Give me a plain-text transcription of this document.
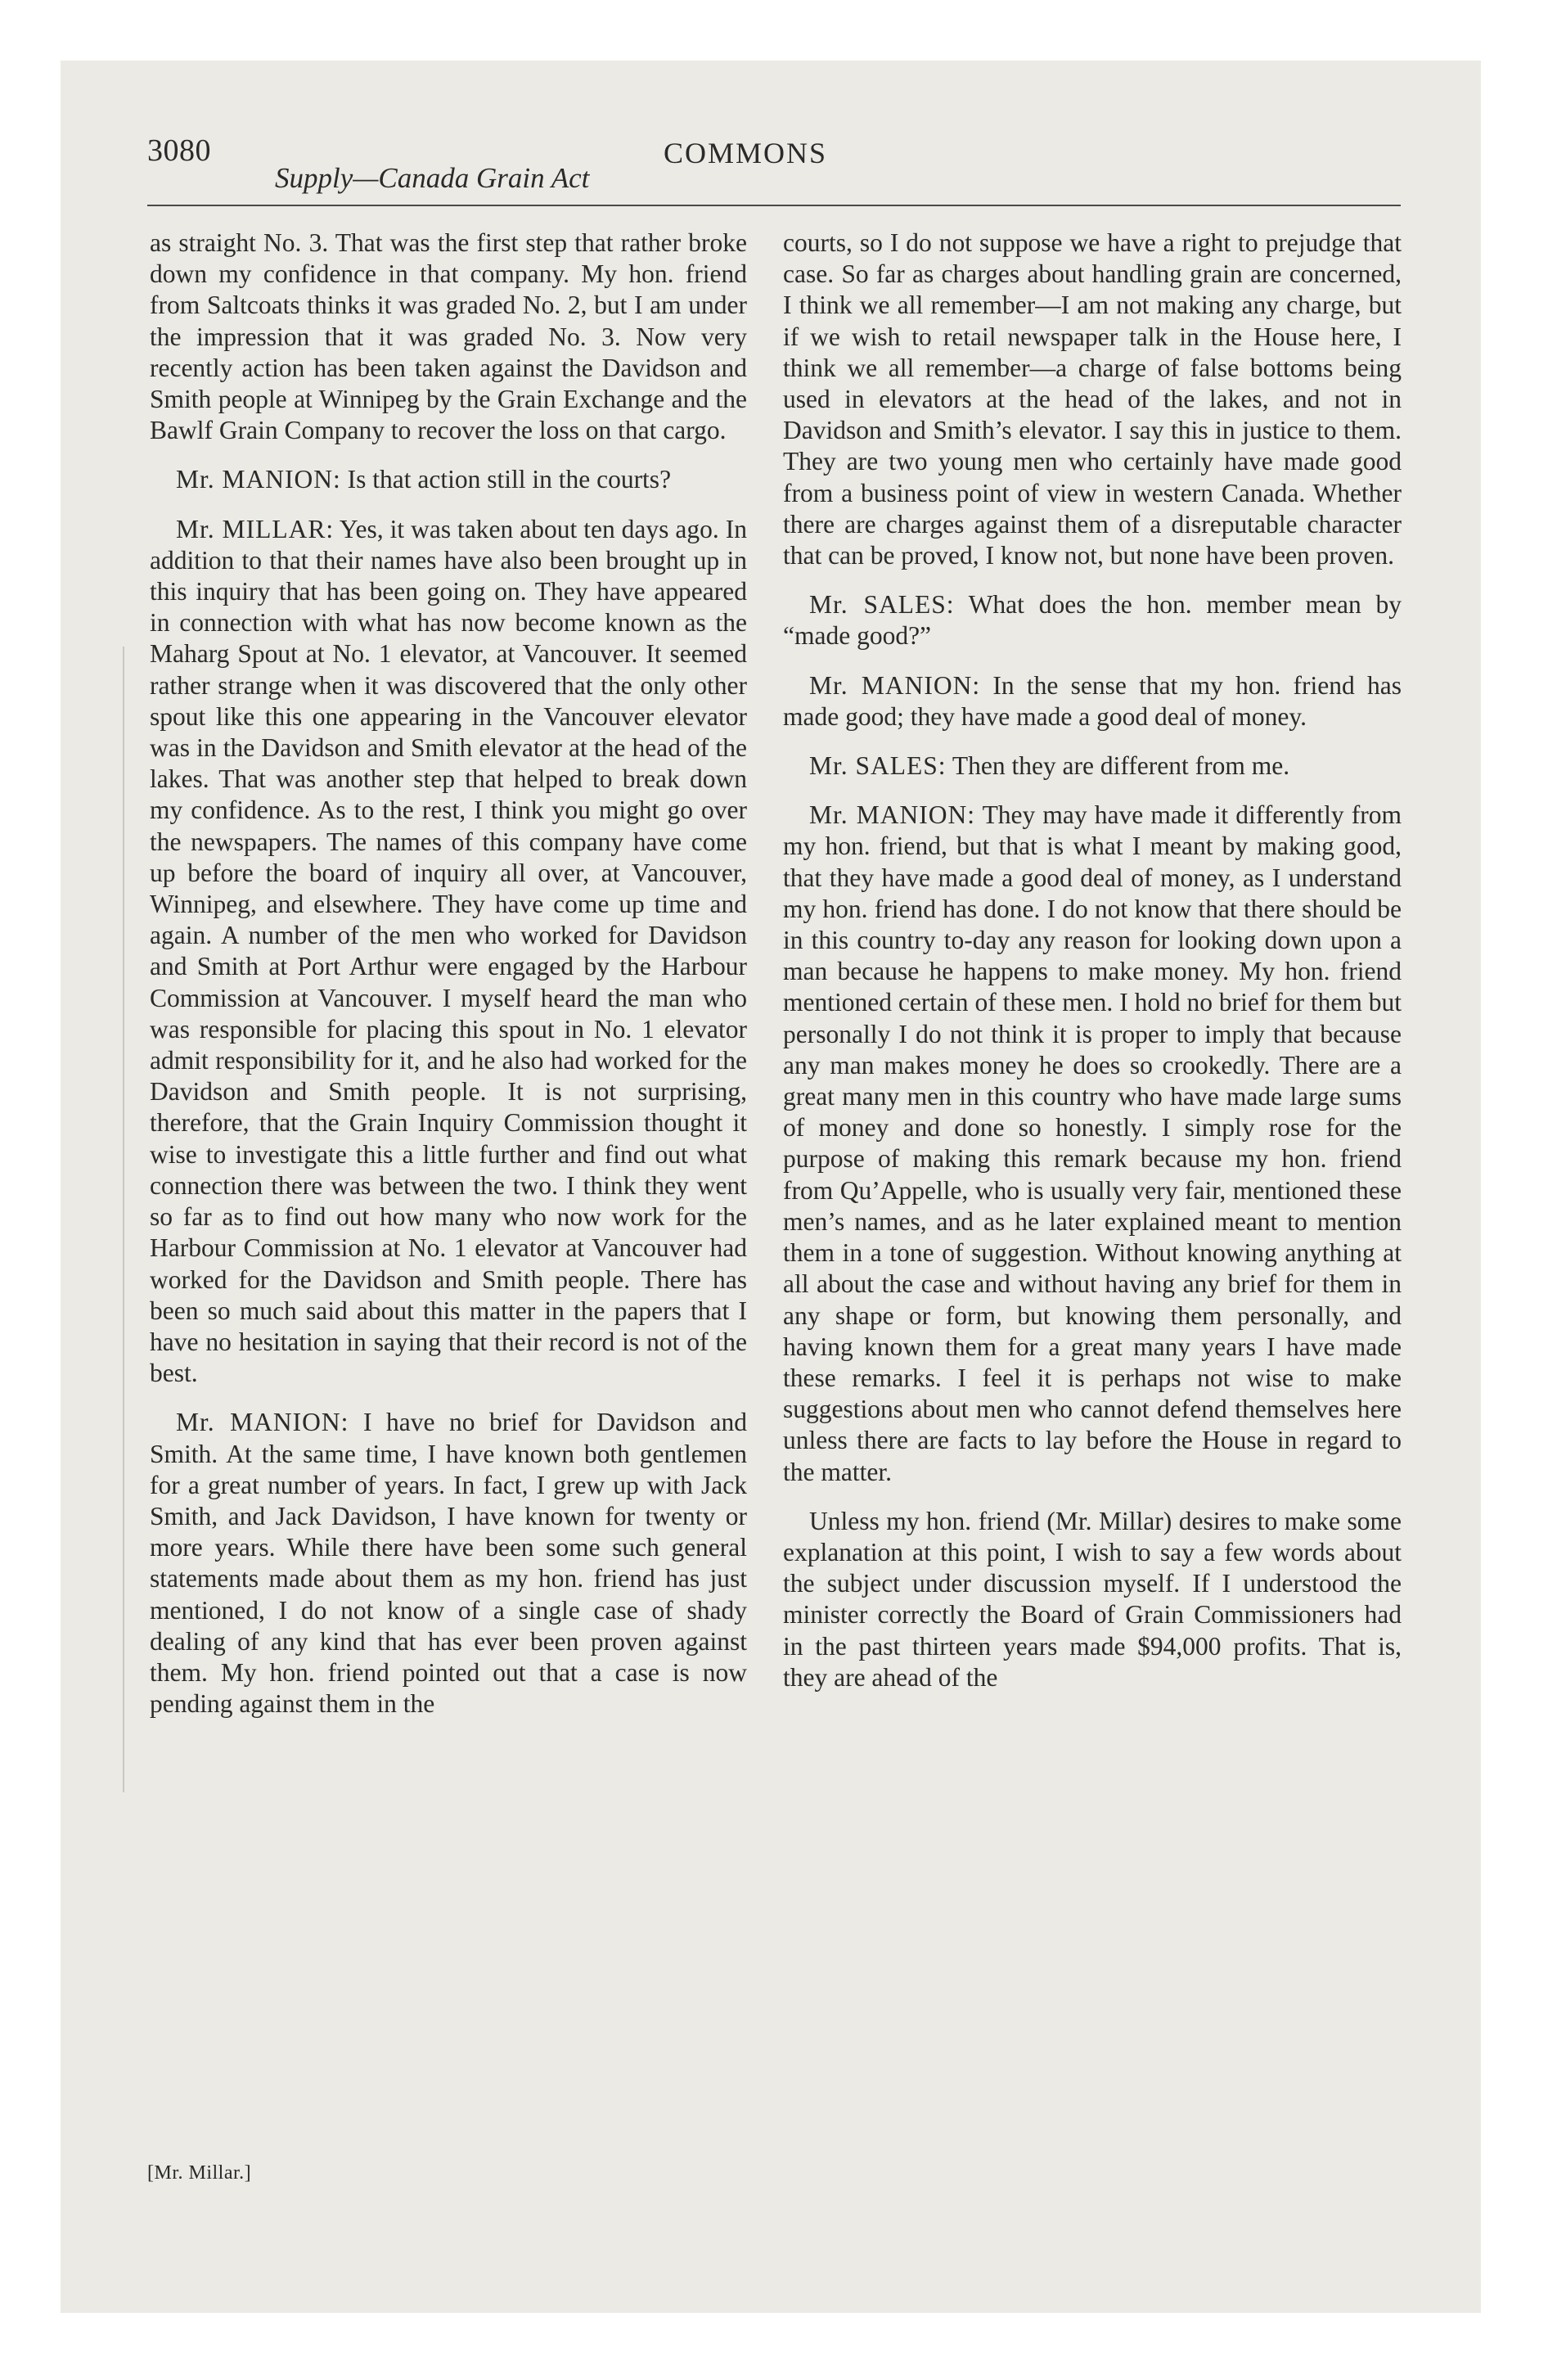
3080	COMMONS
Supply—Canada Grain Act

as straight No. 3. That was the first step that rather broke down my confidence in that company. My hon. friend from Saltcoats thinks it was graded No. 2, but I am under the impression that it was graded No. 3. Now very recently action has been taken against the Davidson and Smith people at Winnipeg by the Grain Exchange and the Bawlf Grain Company to recover the loss on that cargo.

Mr. MANION: Is that action still in the courts?

Mr. MILLAR: Yes, it was taken about ten days ago. In addition to that their names have also been brought up in this inquiry that has been going on. They have appeared in connection with what has now become known as the Maharg Spout at No. 1 elevator, at Vancouver. It seemed rather strange when it was discovered that the only other spout like this one appearing in the Vancouver elevator was in the Davidson and Smith elevator at the head of the lakes. That was another step that helped to break down my confidence. As to the rest, I think you might go over the newspapers. The names of this company have come up before the board of inquiry all over, at Vancouver, Winnipeg, and elsewhere. They have come up time and again. A number of the men who worked for Davidson and Smith at Port Arthur were engaged by the Harbour Commission at Vancouver. I myself heard the man who was responsible for placing this spout in No. 1 elevator admit responsibility for it, and he also had worked for the Davidson and Smith people. It is not surprising, therefore, that the Grain Inquiry Commission thought it wise to investigate this a little further and find out what connection there was between the two. I think they went so far as to find out how many who now work for the Harbour Commission at No. 1 elevator at Vancouver had worked for the Davidson and Smith people. There has been so much said about this matter in the papers that I have no hesitation in saying that their record is not of the best.

Mr. MANION: I have no brief for Davidson and Smith. At the same time, I have known both gentlemen for a great number of years. In fact, I grew up with Jack Smith, and Jack Davidson, I have known for twenty or more years. While there have been some such general statements made about them as my hon. friend has just mentioned, I do not know of a single case of shady dealing of any kind that has ever been proven against them. My hon. friend pointed out that a case is now pending against them in the

courts, so I do not suppose we have a right to prejudge that case. So far as charges about handling grain are concerned, I think we all remember—I am not making any charge, but if we wish to retail newspaper talk in the House here, I think we all remember—a charge of false bottoms being used in elevators at the head of the lakes, and not in Davidson and Smith’s elevator. I say this in justice to them. They are two young men who certainly have made good from a business point of view in western Canada. Whether there are charges against them of a disreputable character that can be proved, I know not, but none have been proven.

Mr. SALES: What does the hon. member mean by “made good?”

Mr. MANION: In the sense that my hon. friend has made good; they have made a good deal of money.

Mr. SALES: Then they are different from me.

Mr. MANION: They may have made it differently from my hon. friend, but that is what I meant by making good, that they have made a good deal of money, as I understand my hon. friend has done. I do not know that there should be in this country to-day any reason for looking down upon a man because he happens to make money. My hon. friend mentioned certain of these men. I hold no brief for them but personally I do not think it is proper to imply that because any man makes money he does so crookedly. There are a great many men in this country who have made large sums of money and done so honestly. I simply rose for the purpose of making this remark because my hon. friend from Qu’Appelle, who is usually very fair, mentioned these men’s names, and as he later explained meant to mention them in a tone of suggestion. Without knowing anything at all about the case and without having any brief for them in any shape or form, but knowing them personally, and having known them for a great many years I have made these remarks. I feel it is perhaps not wise to make suggestions about men who cannot defend themselves here unless there are facts to lay before the House in regard to the matter.

Unless my hon. friend (Mr. Millar) desires to make some explanation at this point, I wish to say a few words about the subject under discussion myself. If I understood the minister correctly the Board of Grain Commissioners had in the past thirteen years made $94,000 profits. That is, they are ahead of the

[Mr. Millar.]
